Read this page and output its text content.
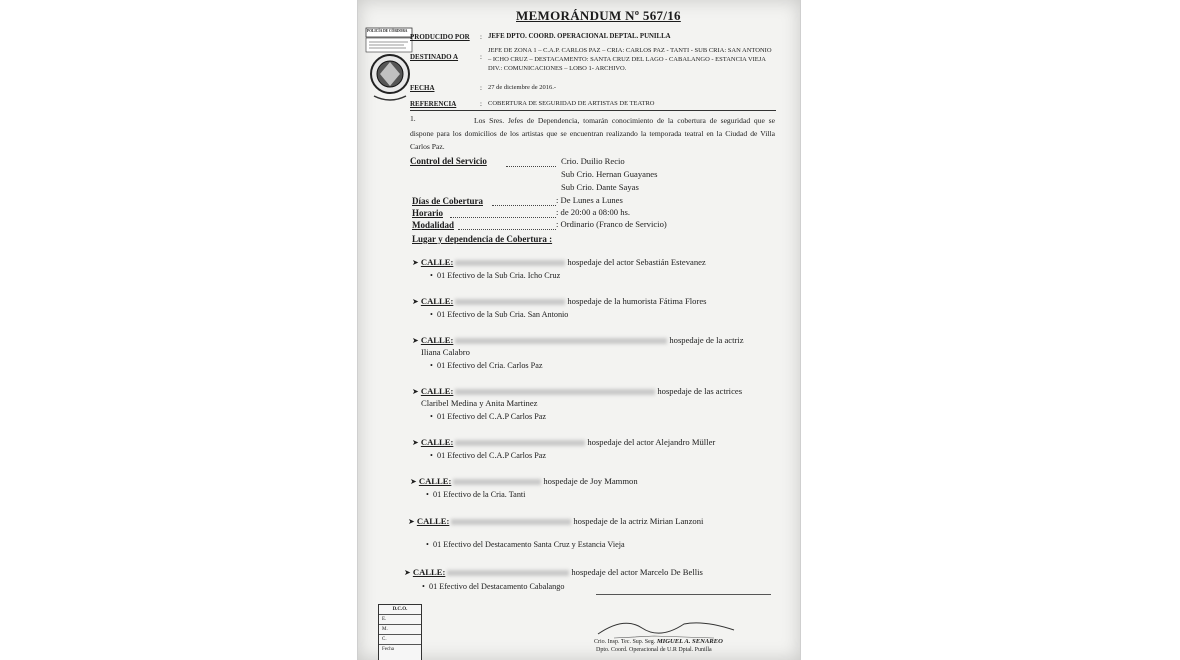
MEMORÁNDUM Nº 567/16
POLICÍA DE CÓRDOBA
PRODUCIDO POR : JEFE DPTO. COORD. OPERACIONAL DEPTAL. PUNILLA
DESTINADO A	:
JEFE DE ZONA 1 – C.A.P. CARLOS PAZ – CRIA: CARLOS PAZ - TANTI - SUB CRIA: SAN ANTONIO
– ICHO CRUZ – DESTACAMENTO: SANTA CRUZ DEL LAGO - CABALANGO - ESTANCIA VIEJA
DIV.: COMUNICACIONES – LOBO 1- ARCHIVO.
FECHA	: 27 de diciembre de 2016.-
REFERENCIA	: COBERTURA DE SEGURIDAD DE ARTISTAS DE TEATRO
1.	Los Sres. Jefes de Dependencia, tomarán conocimiento de la cobertura de seguridad que se dispone para los domicilios de los artistas que se encuentran realizando la temporada teatral en la Ciudad de Villa Carlos Paz.
Control del Servicio	Crio. Duilio Recio
Sub Crio. Hernan Guayanes
Sub Crio. Dante Sayas
Días de Cobertura	: De Lunes a Lunes
Horario	: de 20:00 a 08:00 hs.
Modalidad	: Ordinario (Franco de Servicio)
Lugar y dependencia de Cobertura :
➤ CALLE:	hospedaje del actor Sebastián Estevanez
•  01 Efectivo de la Sub Cria. Icho Cruz
➤ CALLE:	hospedaje de la humorista Fátima Flores
•  01 Efectivo de la Sub Cria. San Antonio
➤ CALLE:	hospedaje de la actriz
Iliana Calabro
•  01 Efectivo del Cria. Carlos Paz
➤ CALLE:	hospedaje de las actrices
Claribel Medina y Anita Martinez
•  01 Efectivo del C.A.P Carlos Paz
➤ CALLE:	hospedaje del actor Alejandro Müller
•  01 Efectivo del C.A.P Carlos Paz
➤ CALLE:	hospedaje de Joy Mammon
•  01 Efectivo de la Cria. Tanti
➤ CALLE:	hospedaje de la actriz Mirian Lanzoni
•  01 Efectivo del Destacamento Santa Cruz y Estancia Vieja
➤ CALLE:	hospedaje del actor Marcelo De Bellis
•  01 Efectivo del Destacamento Cabalango
D.C.O.
E.
M.
C.
Fecha
Crio. Insp. Tec. Sup. Seg. MIGUEL A. SENAREO
Dpto. Coord. Operacional de U.R Dptal. Punilla
